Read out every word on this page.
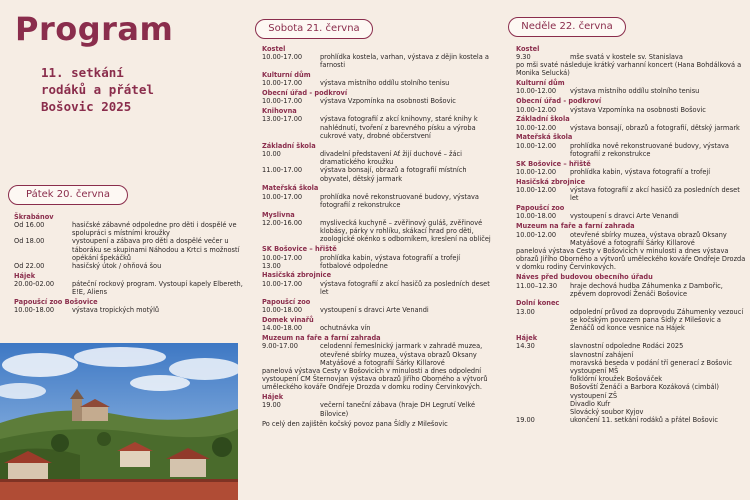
Program
11. setkání
rodáků a přátel
Bošovic 2025
Pátek 20. června
Sobota 21. června	Neděle 22. června
Škrabánov
Od 16.00	hasičské zábavné odpoledne pro děti i dospělé ve spolupráci s místními kroužky
Od 18.00	vystoupení a zábava pro děti a dospělé večer u táboráku se skupinami Náhodou a Krtci s možností opékání špekáčků
Od 22.00	hasičský útok / ohňová šou
Hájek
20.00-02.00	páteční rockový program. Vystoupí kapely Elbereth, E!E, Aliens
Papoušcí zoo Bošovice
10.00-18.00	výstava tropických motýlů
Kostel
10.00-17.00	prohlídka kostela, varhan, výstava z dějin kostela a farnosti
Kulturní dům
10.00-17.00	výstava místního oddílu stolního tenisu
Obecní úřad - podkroví
10.00-17.00	výstava Vzpomínka na osobnosti Bošovic
Knihovna
13.00-17.00	výstava fotografií z akcí knihovny, staré knihy k nahlédnutí, tvoření z barevného písku a výroba cukrové vaty, drobné občerstvení
Základní škola
10.00	divadelní představení Ať žijí duchové – žáci dramatického kroužku
11.00-17.00	výstava bonsají, obrazů a fotografií místních obyvatel, dětský jarmark
Mateřská škola
10.00-17.00	prohlídka nově rekonstruované budovy, výstava fotografií z rekonstrukce
Myslivna
12.00-16.00	myslivecká kuchyně – zvěřinový guláš, zvěřinové klobásy, párky v rohlíku, skákací hrad pro děti, zoologické okénko s odborníkem, kreslení na obličej
SK Bošovice – hřiště
10.00-17.00	prohlídka kabin, výstava fotografií a trofejí
13.00	fotbalové odpoledne
Hasičská zbrojnice
10.00-17.00	výstava fotografií z akcí hasičů za posledních deset let
Papoušcí zoo
10.00-18.00	vystoupení s dravci Arte Venandi
Domek vinařů
14.00-18.00	ochutnávka vín
Muzeum na faře a farní zahrada
9.00-17.00	celodenní řemeslnický jarmark v zahradě muzea, otevřené sbírky muzea, výstava obrazů Oksany Matyášové a fotografií Šárky Killarové
panelová výstava Cesty v Bošovicích v minulosti a dnes odpolední vystoupení CM Šternovjan výstava obrazů Jiřího Oborného a výtvorů uměleckého kováře Ondřeje Drozda v domku rodiny Červinkových.
Hájek
19.00	večerní taneční zábava (hraje DH Legrutí Velké Bílovice)
Po celý den zajištěn kočský povoz pana Šídly z Milešovic
Kostel
9.30	mše svatá v kostele sv. Stanislava
po mši svaté následuje krátký varhanní koncert (Hana Bohdálková a Monika Selucká)
Kulturní dům
10.00-12.00	výstava místního oddílu stolního tenisu
Obecní úřad - podkroví
10.00-12.00	výstava Vzpomínka na osobnosti Bošovic
Základní škola
10.00-12.00	výstava bonsají, obrazů a fotografií, dětský jarmark
Mateřská škola
10.00-12.00	prohlídka nově rekonstruované budovy, výstava fotografií z rekonstrukce
SK Bošovice – hřiště
10.00-12.00	prohlídka kabin, výstava fotografií a trofejí
Hasičská zbrojnice
10.00-12.00	výstava fotografií z akcí hasičů za posledních deset let
Papoušcí zoo
10.00-18.00	vystoupení s dravci Arte Venandi
Muzeum na faře a farní zahrada
10.00-12.00	otevřené sbírky muzea, výstava obrazů Oksany Matyášové a fotografií Šárky Killarové
panelová výstava Cesty v Bošovicích v minulosti a dnes výstava obrazů Jiřího Oborného a výtvorů uměleckého kováře Ondřeje Drozda v domku rodiny Červinkových.
Náves před budovou obecního úřadu
11.00–12.30	hraje dechová hudba Záhumenka z Dambořic, zpěvem doprovodí Ženáči Bošovice
Dolní konec
13.00	odpolední průvod za doprovodu Záhumenky vezoucí se kočským povozem pana Šídly z Milešovic a Ženáčů od konce vesnice na Hájek
Hájek
14.30	slavnostní odpoledne Rodáci 2025
slavnostní zahájení
moravská beseda v podání tří generací z Bošovic
vystoupení MŠ
folklórní kroužek Bošováček
Bošovští Ženáči a Barbora Kozáková (cimbál)
vystoupení ZŠ
Divadlo Kufr
Slovácký soubor Kyjov
19.00	ukončení 11. setkání rodáků a přátel Bošovic
